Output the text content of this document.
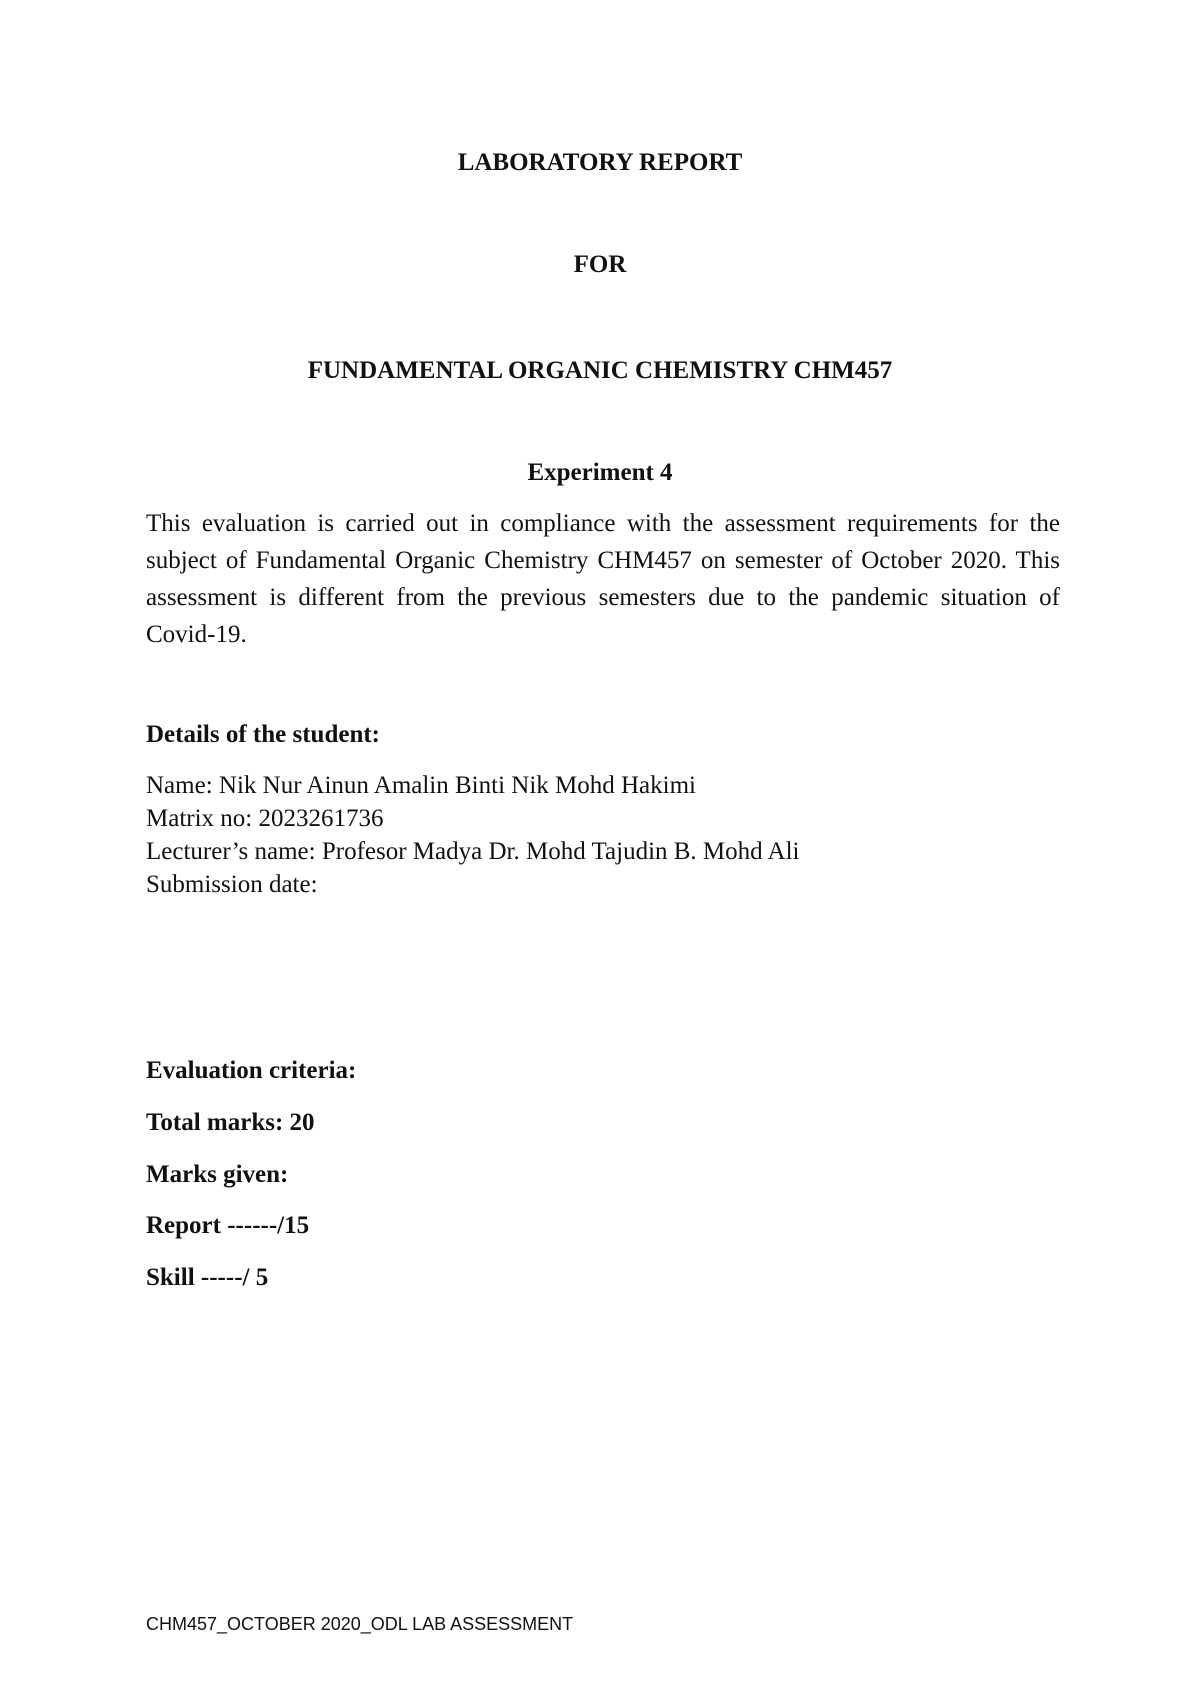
LABORATORY REPORT
FOR
FUNDAMENTAL ORGANIC CHEMISTRY CHM457
Experiment 4

This evaluation is carried out in compliance with the assessment requirements for the subject of Fundamental Organic Chemistry CHM457 on semester of October 2020. This assessment is different from the previous semesters due to the pandemic situation of Covid-19.

Details of the student:

Name: Nik Nur Ainun Amalin Binti Nik Mohd Hakimi
Matrix no: 2023261736
Lecturer’s name: Profesor Madya Dr. Mohd Tajudin B. Mohd Ali
Submission date:

Evaluation criteria:

Total marks: 20

Marks given:

Report ------/15

Skill -----/ 5

CHM457_OCTOBER 2020_ODL LAB ASSESSMENT
